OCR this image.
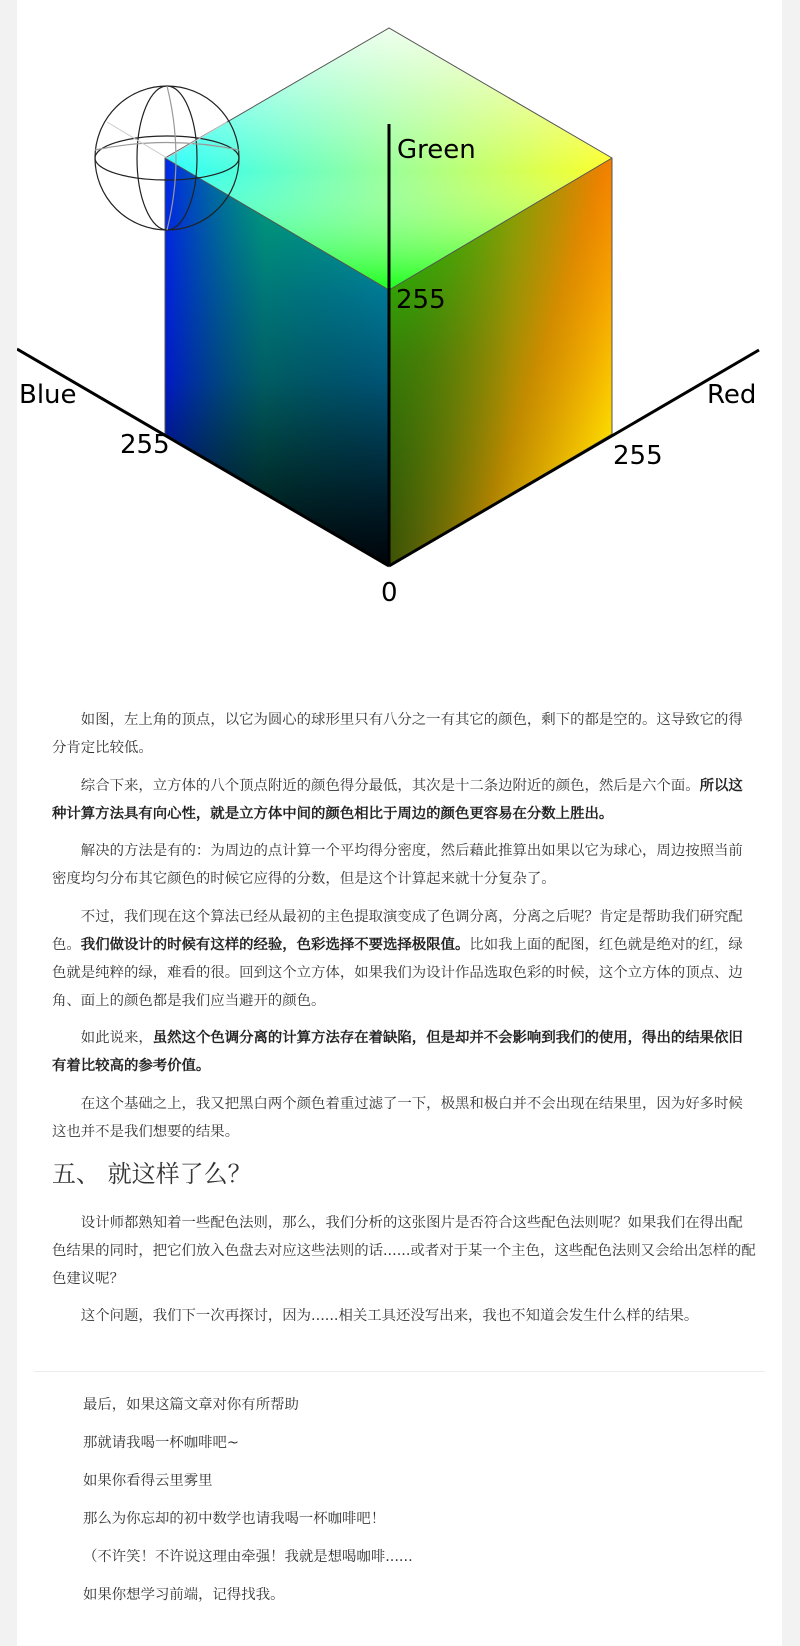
Green
Blue	Red
255
255	255
0

如图，左上角的顶点，以它为圆心的球形里只有八分之一有其它的颜色，剩下的都是空的。这导致它的得分肯定比较低。

综合下来，立方体的八个顶点附近的颜色得分最低，其次是十二条边附近的颜色，然后是六个面。所以这种计算方法具有向心性，就是立方体中间的颜色相比于周边的颜色更容易在分数上胜出。

解决的方法是有的：为周边的点计算一个平均得分密度，然后藉此推算出如果以它为球心，周边按照当前密度均匀分布其它颜色的时候它应得的分数，但是这个计算起来就十分复杂了。

不过，我们现在这个算法已经从最初的主色提取演变成了色调分离，分离之后呢？肯定是帮助我们研究配色。我们做设计的时候有这样的经验，色彩选择不要选择极限值。比如我上面的配图，红色就是绝对的红，绿色就是纯粹的绿，难看的很。回到这个立方体，如果我们为设计作品选取色彩的时候，这个立方体的顶点、边角、面上的颜色都是我们应当避开的颜色。

如此说来，虽然这个色调分离的计算方法存在着缺陷，但是却并不会影响到我们的使用，得出的结果依旧有着比较高的参考价值。

在这个基础之上，我又把黑白两个颜色着重过滤了一下，极黑和极白并不会出现在结果里，因为好多时候这也并不是我们想要的结果。

五、 就这样了么？

设计师都熟知着一些配色法则，那么，我们分析的这张图片是否符合这些配色法则呢？如果我们在得出配色结果的同时，把它们放入色盘去对应这些法则的话......或者对于某一个主色，这些配色法则又会给出怎样的配色建议呢？

这个问题，我们下一次再探讨，因为......相关工具还没写出来，我也不知道会发生什么样的结果。

最后，如果这篇文章对你有所帮助

那就请我喝一杯咖啡吧~

如果你看得云里雾里

那么为你忘却的初中数学也请我喝一杯咖啡吧！

（不许笑！不许说这理由牵强！我就是想喝咖啡......

如果你想学习前端，记得找我。
